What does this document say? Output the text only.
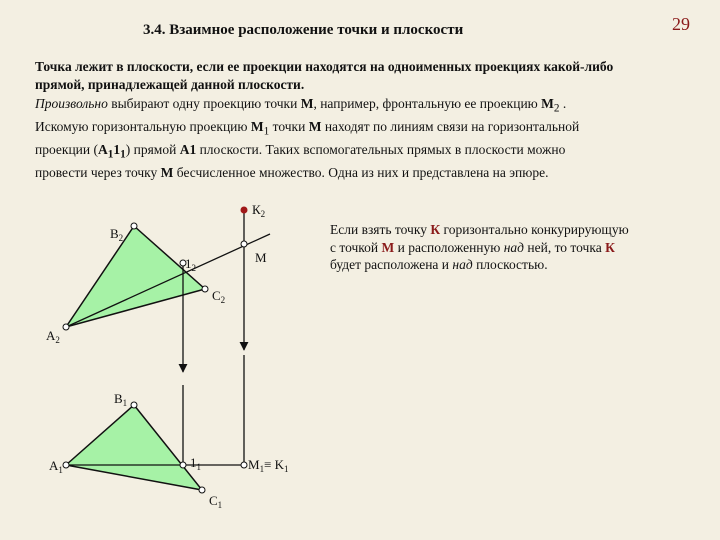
3.4. Взаимное расположение точки и плоскости	29
Точка лежит в плоскости, если ее проекции находятся на одноименных проекциях какой-либо
прямой, принадлежащей данной плоскости.
Произвольно выбирают одну проекцию точки М, например, фронтальную ее проекцию $М_2$ .
Искомую горизонтальную проекцию $М_1$ точки М находят по линиям связи на горизонтальной
проекции $(А_11_1)$ прямой А1 плоскости. Таких вспомогательных прямых в плоскости можно
провести через точку М бесчисленное множество. Одна из них и представлена на эпюре.
Если взять точку К горизонтально конкурирующую
с точкой М и расположенную над ней, то точка К
будет расположена и над плоскостью.
$К_2$
$B_2$
$1_2$
M
$C_2$
$A_2$
$B_1$
$A_1$	$1_1$	$M_1\equiv K_1$
$C_1$
